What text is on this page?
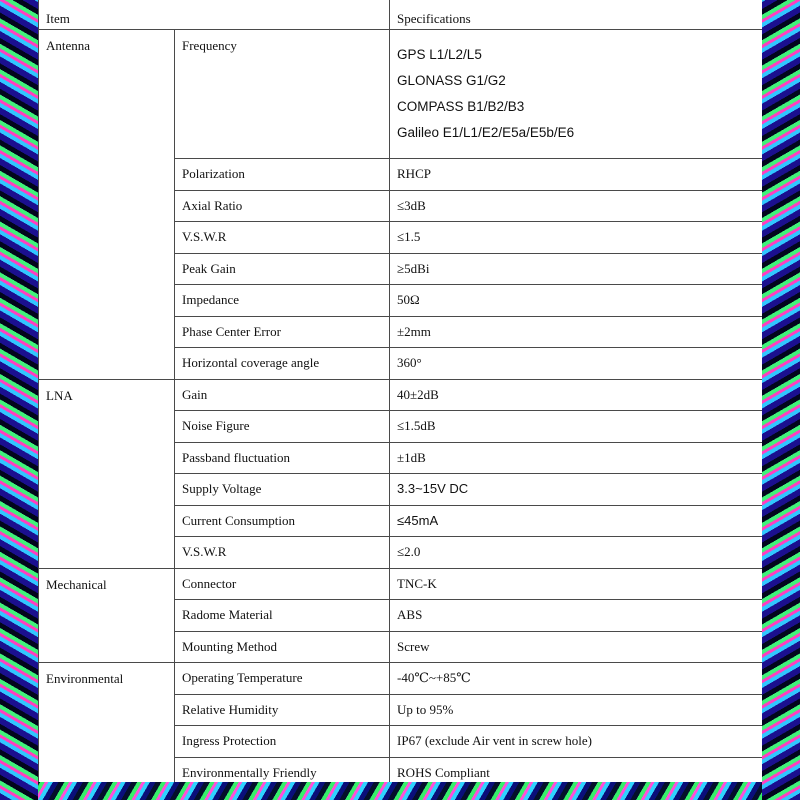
Item		Specifications
Antenna	Frequency	GPS L1/L2/L5
GLONASS G1/G2
COMPASS B1/B2/B3
Galileo E1/L1/E2/E5a/E5b/E6

	Polarization	RHCP
	Axial Ratio	≤3dB
	V.S.W.R	≤1.5
	Peak Gain	≥5dBi
	Impedance	50Ω
	Phase Center Error	±2mm
	Horizontal coverage angle	360°
LNA	Gain	40±2dB
	Noise Figure	≤1.5dB
	Passband fluctuation	±1dB
	Supply Voltage	3.3~15V DC
	Current Consumption	≤45mA
	V.S.W.R	≤2.0
Mechanical	Connector	TNC-K
	Radome Material	ABS
	Mounting Method	Screw
Environmental	Operating Temperature	-40℃~+85℃
	Relative Humidity	Up to 95%
	Ingress Protection	IP67 (exclude Air vent in screw hole)
	Environmentally Friendly	ROHS Compliant
